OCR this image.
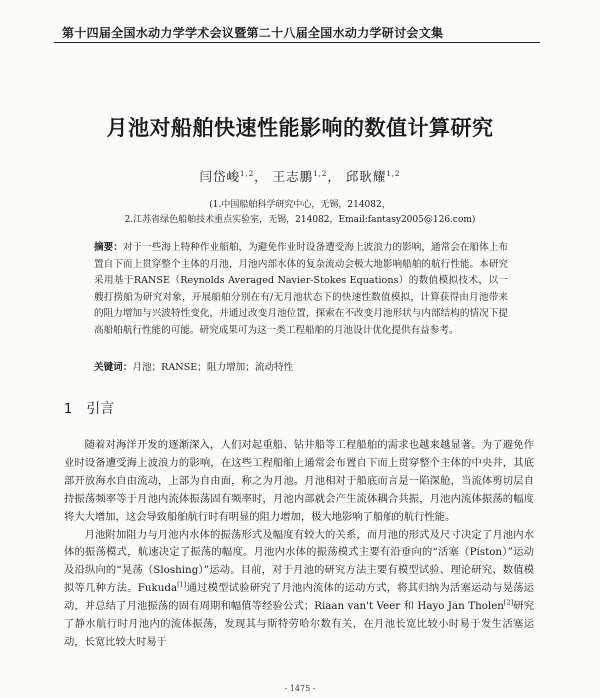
第十四届全国水动力学学术会议暨第二十八届全国水动力学研讨会文集
月池对船舶快速性能影响的数值计算研究
闫岱峻$^{1,2}$， 王志鹏$^{1,2}$， 邱耿耀$^{1,2}$
(1.中国船舶科学研究中心，无锡，214082，
2.江苏省绿色船舶技术重点实验室，无锡，214082，Email:fantasy2005@126.com)
摘要：对于一些海上特种作业船舶，为避免作业时设备遭受海上波浪力的影响，通常会在船体上布置自下而上贯穿整个主体的月池，月池内部水体的复杂流动会极大地影响船舶的航行性能。本研究采用基于RANSE（Reynolds Averaged Navier-Stokes Equations）的数值模拟技术，以一艘打捞船为研究对象，开展船舶分别在有/无月池状态下的快速性数值模拟，计算获得由月池带来的阻力增加与兴波特性变化，并通过改变月池位置，探索在不改变月池形状与内部结构的情况下提高船舶航行性能的可能。研究成果可为这一类工程船舶的月池设计优化提供有益参考。
关键词：月池；RANSE；阻力增加；流动特性
1 引言

随着对海洋开发的逐渐深入，人们对起重船、钻井船等工程船舶的需求也越来越显著。为了避免作业时设备遭受海上波浪力的影响，在这些工程船舶上通常会布置自下而上贯穿整个主体的中央井，其底部开放海水自由流动，上部为自由面，称之为月池。月池相对于船底而言是一陷深舱，当流体剪切层自持振荡频率等于月池内流体振荡固有频率时，月池内部就会产生流体耦合共振，月池内流体振荡的幅度将大大增加，这会导致船舶航行时有明显的阻力增加，极大地影响了船舶的航行性能。

月池附加阻力与月池内水体的振荡形式及幅度有较大的关系，而月池的形式及尺寸决定了月池内水体的振荡模式，航速决定了振荡的幅度。月池内水体的振荡模式主要有沿垂向的“活塞（Piston）”运动及沿纵向的“晃荡（Sloshing）”运动。目前，对于月池的研究方法主要有模型试验、理论研究、数值模拟等几种方法。Fukuda[1]通过模型试验研究了月池内流体的运动方式，将其归纳为活塞运动与晃荡运动，并总结了月池振荡的固有周期和幅值等经验公式；Riaan van't Veer 和 Hayo Jan Tholen[2]研究了静水航行时月池内的流体振荡，发现其与斯特劳哈尔数有关，在月池长宽比较小时易于发生活塞运动，长宽比较大时易于

- 1475 -
